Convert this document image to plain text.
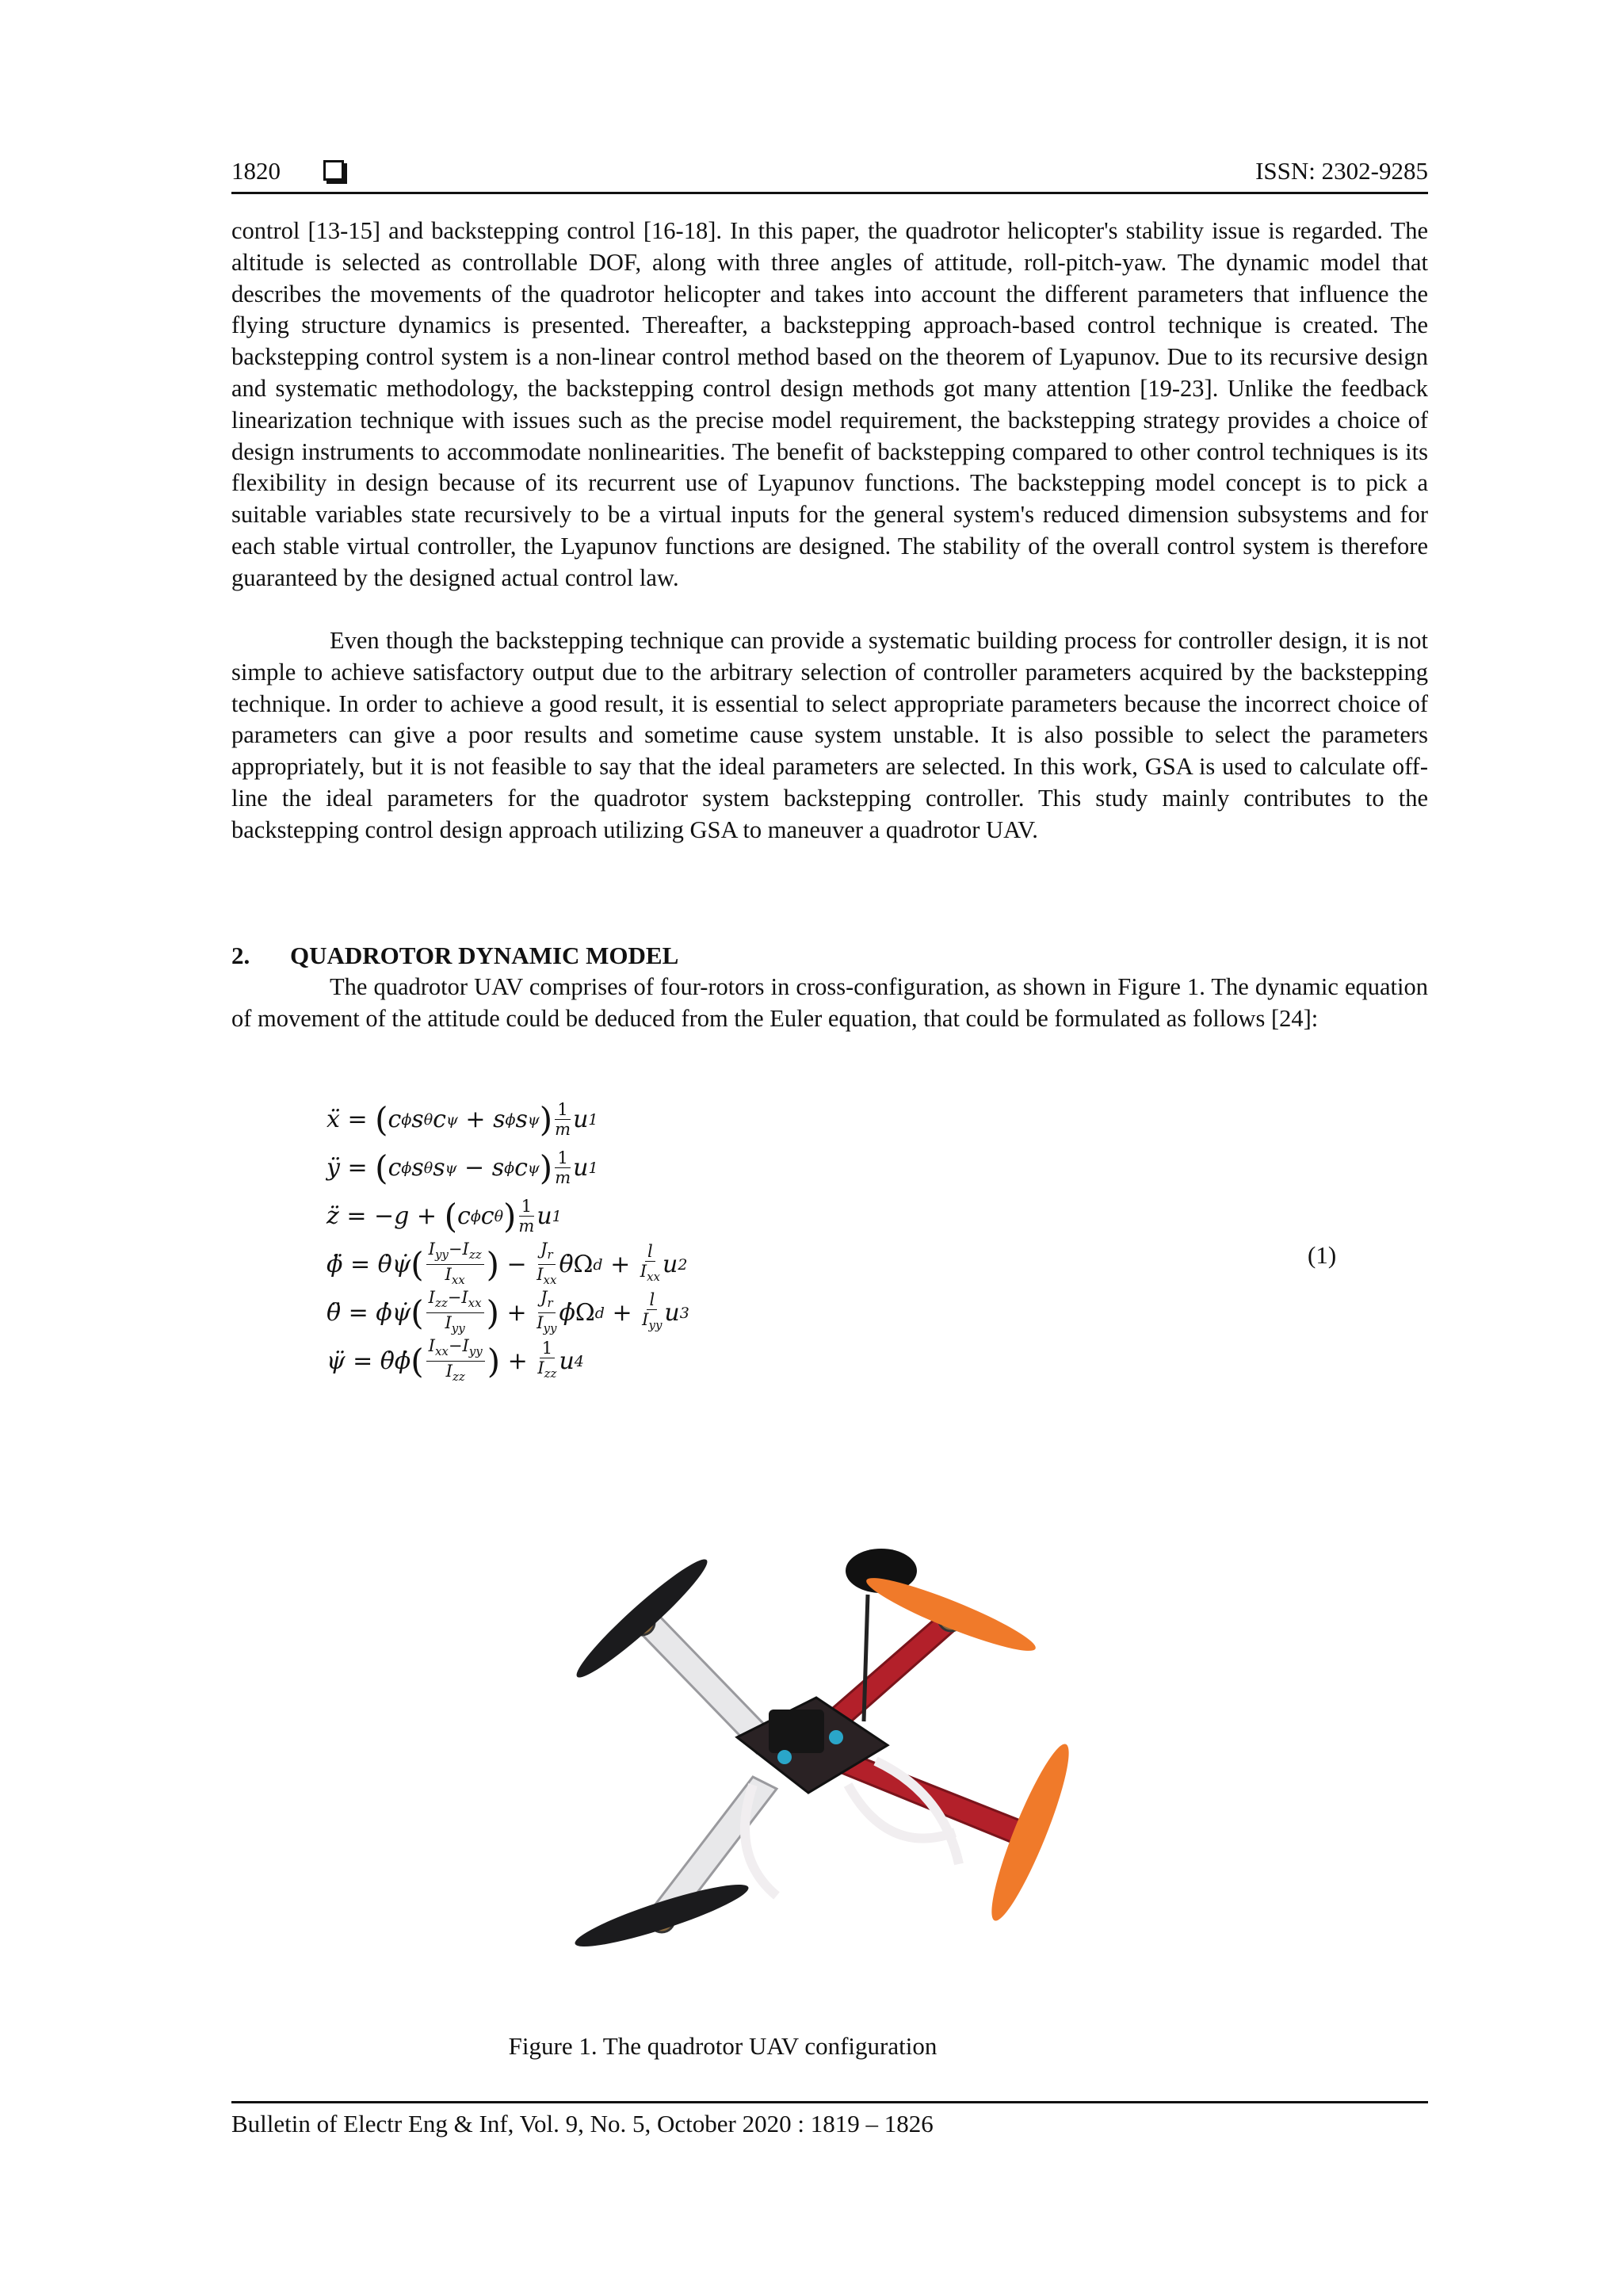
1820	ISSN: 2302-9285

control [13-15] and backstepping control [16-18]. In this paper, the quadrotor helicopter's stability issue is regarded. The altitude is selected as controllable DOF, along with three angles of attitude, roll-pitch-yaw. The dynamic model that describes the movements of the quadrotor helicopter and takes into account the different parameters that influence the flying structure dynamics is presented. Thereafter, a backstepping approach-based control technique is created. The backstepping control system is a non-linear control method based on the theorem of Lyapunov. Due to its recursive design and systematic methodology, the backstepping control design methods got many attention [19-23]. Unlike the feedback linearization technique with issues such as the precise model requirement, the backstepping strategy provides a choice of design instruments to accommodate nonlinearities. The benefit of backstepping compared to other control techniques is its flexibility in design because of its recurrent use of Lyapunov functions. The backstepping model concept is to pick a suitable variables state recursively to be a virtual inputs for the general system's reduced dimension subsystems and for each stable virtual controller, the Lyapunov functions are designed. The stability of the overall control system is therefore guaranteed by the designed actual control law.

Even though the backstepping technique can provide a systematic building process for controller design, it is not simple to achieve satisfactory output due to the arbitrary selection of controller parameters acquired by the backstepping technique. In order to achieve a good result, it is essential to select appropriate parameters because the incorrect choice of parameters can give a poor results and sometime cause system unstable. It is also possible to select the parameters appropriately, but it is not feasible to say that the ideal parameters are selected. In this work, GSA is used to calculate off-line the ideal parameters for the quadrotor system backstepping controller. This study mainly contributes to the backstepping control design approach utilizing GSA to maneuver a quadrotor UAV.

2. QUADROTOR DYNAMIC MODEL

The quadrotor UAV comprises of four-rotors in cross-configuration, as shown in Figure 1. The dynamic equation of movement of the attitude could be deduced from the Euler equation, that could be formulated as follows [24]:

ẍ = ( c ϕ s θ c ψ + s ϕ s ψ ) $\frac{1}{m}$ u 1
ÿ = ( c ϕ s θ s ψ − s ϕ c ψ ) $\frac{1}{m}$ u 1
z̈ = − g + ( c ϕ c θ ) $\frac{1}{m}$ u 1
ϕ̈ = θ̇ψ̇ ( $\frac{I_{yy}-I_{zz}}{I_{xx}}$ ) − $\frac{J_r}{I_{xx}}$ θ̇ Ω $d + \frac{l}{I_{xx}}$ u 2
θ̈ = ϕ̇ψ̇ ( $\frac{I_{zz}-I_{xx}}{I_{yy}}$ ) + $\frac{J_r}{I_{yy}}$ ϕ̇ Ω $d + \frac{l}{I_{yy}}$ u 3
ψ̈ = θ̇ϕ̇ ( $\frac{I_{xx}-I_{yy}}{I_{zz}}$ ) + $\frac{1}{I_{zz}}$ u 4
(1)
Figure 1. The quadrotor UAV configuration
Bulletin of Electr Eng & Inf, Vol. 9, No. 5, October 2020 : 1819 – 1826
